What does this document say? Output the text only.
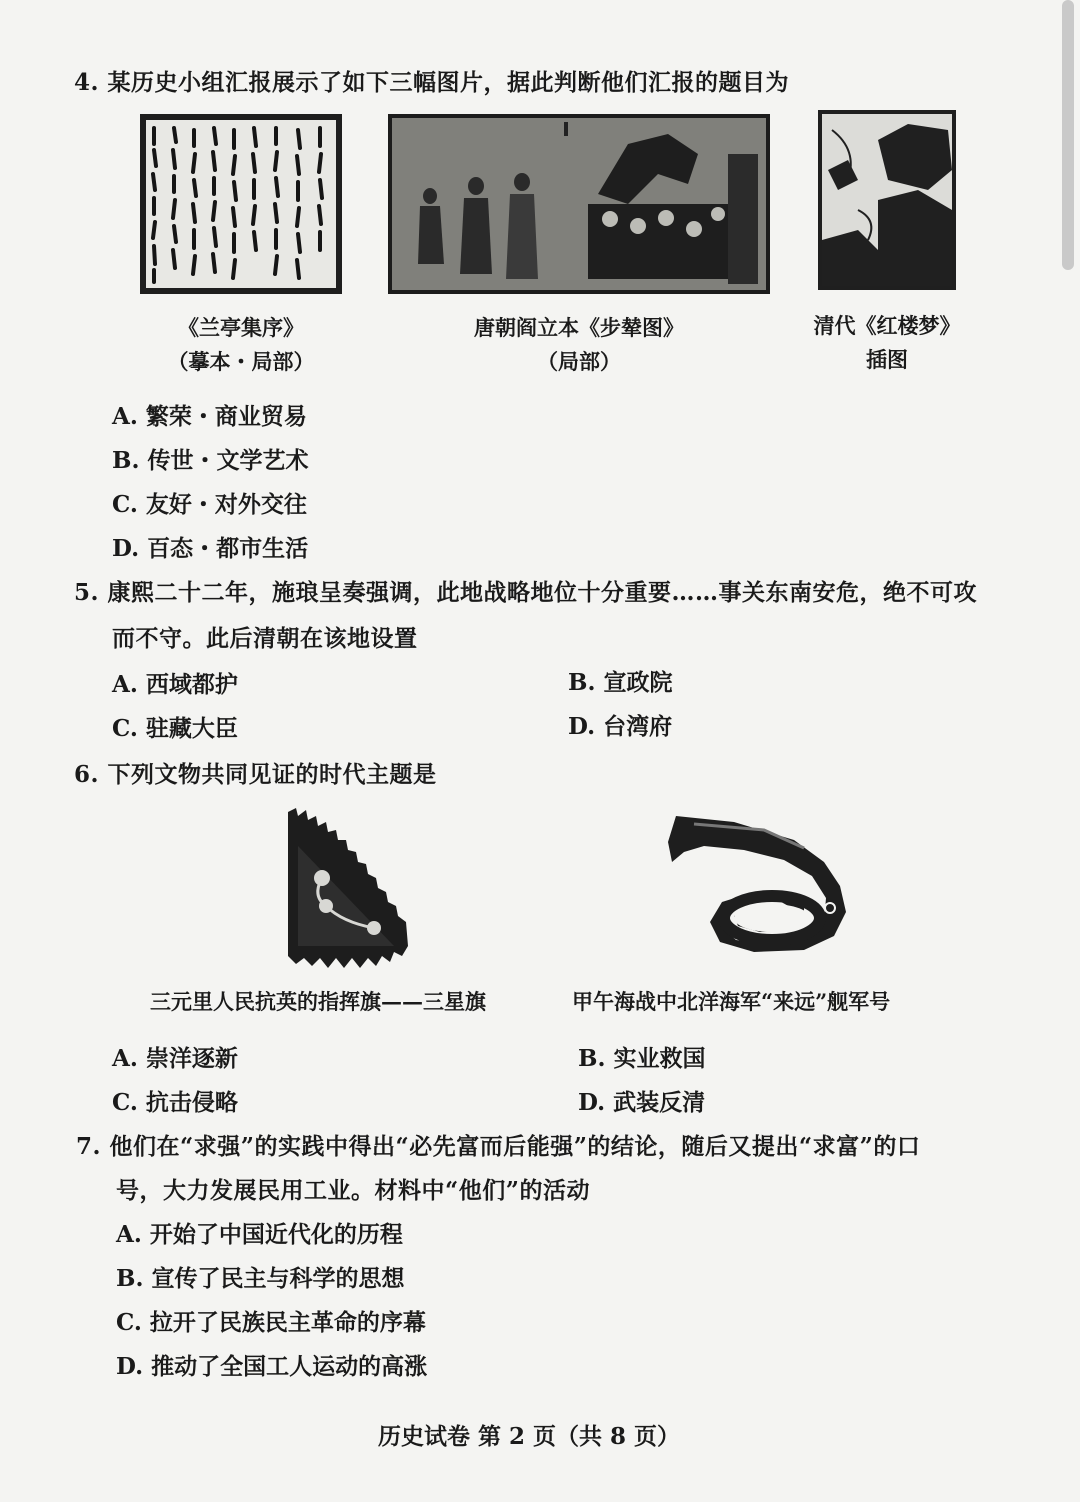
4. 某历史小组汇报展示了如下三幅图片，据此判断他们汇报的题目为
《兰亭集序》
（摹本・局部）
唐朝阎立本《步辇图》
（局部）
清代《红楼梦》
插图
A. 繁荣・商业贸易
B. 传世・文学艺术
C. 友好・对外交往
D. 百态・都市生活
5. 康熙二十二年，施琅呈奏强调，此地战略地位十分重要……事关东南安危，绝不可攻
而不守。此后清朝在该地设置
A. 西域都护	B. 宣政院
C. 驻藏大臣	D. 台湾府
6. 下列文物共同见证的时代主题是
三元里人民抗英的指挥旗——三星旗	甲午海战中北洋海军“来远”舰军号
A. 崇洋逐新	B. 实业救国
C. 抗击侵略	D. 武装反清
7. 他们在“求强”的实践中得出“必先富而后能强”的结论，随后又提出“求富”的口
号，大力发展民用工业。材料中“他们”的活动
A. 开始了中国近代化的历程
B. 宣传了民主与科学的思想
C. 拉开了民族民主革命的序幕
D. 推动了全国工人运动的高涨
历史试卷 第 2 页（共 8 页）
